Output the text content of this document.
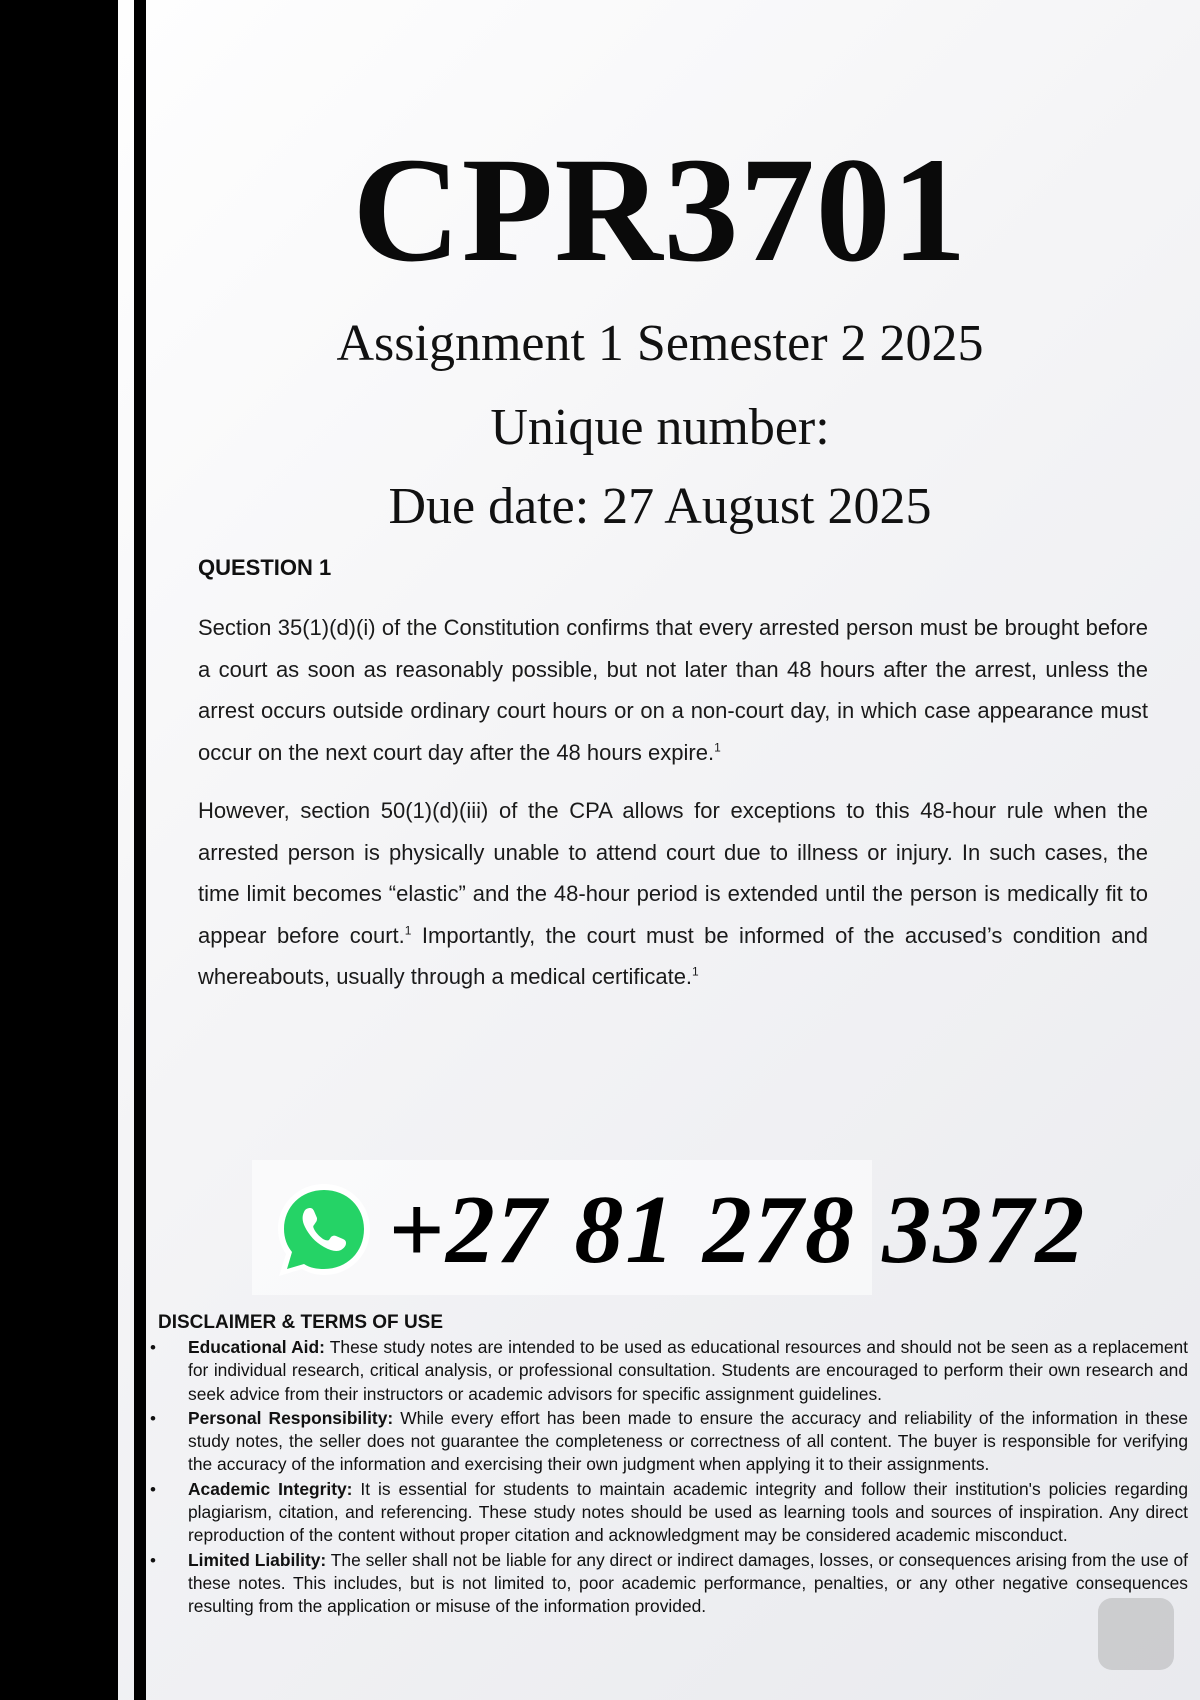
CPR3701
Assignment 1 Semester 2 2025
Unique number:
Due date: 27 August 2025
QUESTION 1
Section 35(1)(d)(i) of the Constitution confirms that every arrested person must be brought before a court as soon as reasonably possible, but not later than 48 hours after the arrest, unless the arrest occurs outside ordinary court hours or on a non-court day, in which case appearance must occur on the next court day after the 48 hours expire.$^1$
However, section 50(1)(d)(iii) of the CPA allows for exceptions to this 48-hour rule when the arrested person is physically unable to attend court due to illness or injury. In such cases, the time limit becomes “elastic” and the 48-hour period is extended until the person is medically fit to appear before court.$^1$ Importantly, the court must be informed of the accused’s condition and whereabouts, usually through a medical certificate.$^1$
+27 81 278 3372
DISCLAIMER & TERMS OF USE
• Educational Aid: These study notes are intended to be used as educational resources and should not be seen as a replacement for individual research, critical analysis, or professional consultation. Students are encouraged to perform their own research and seek advice from their instructors or academic advisors for specific assignment guidelines.
• Personal Responsibility: While every effort has been made to ensure the accuracy and reliability of the information in these study notes, the seller does not guarantee the completeness or correctness of all content. The buyer is responsible for verifying the accuracy of the information and exercising their own judgment when applying it to their assignments.
• Academic Integrity: It is essential for students to maintain academic integrity and follow their institution's policies regarding plagiarism, citation, and referencing. These study notes should be used as learning tools and sources of inspiration. Any direct reproduction of the content without proper citation and acknowledgment may be considered academic misconduct.
• Limited Liability: The seller shall not be liable for any direct or indirect damages, losses, or consequences arising from the use of these notes. This includes, but is not limited to, poor academic performance, penalties, or any other negative consequences resulting from the application or misuse of the information provided.
